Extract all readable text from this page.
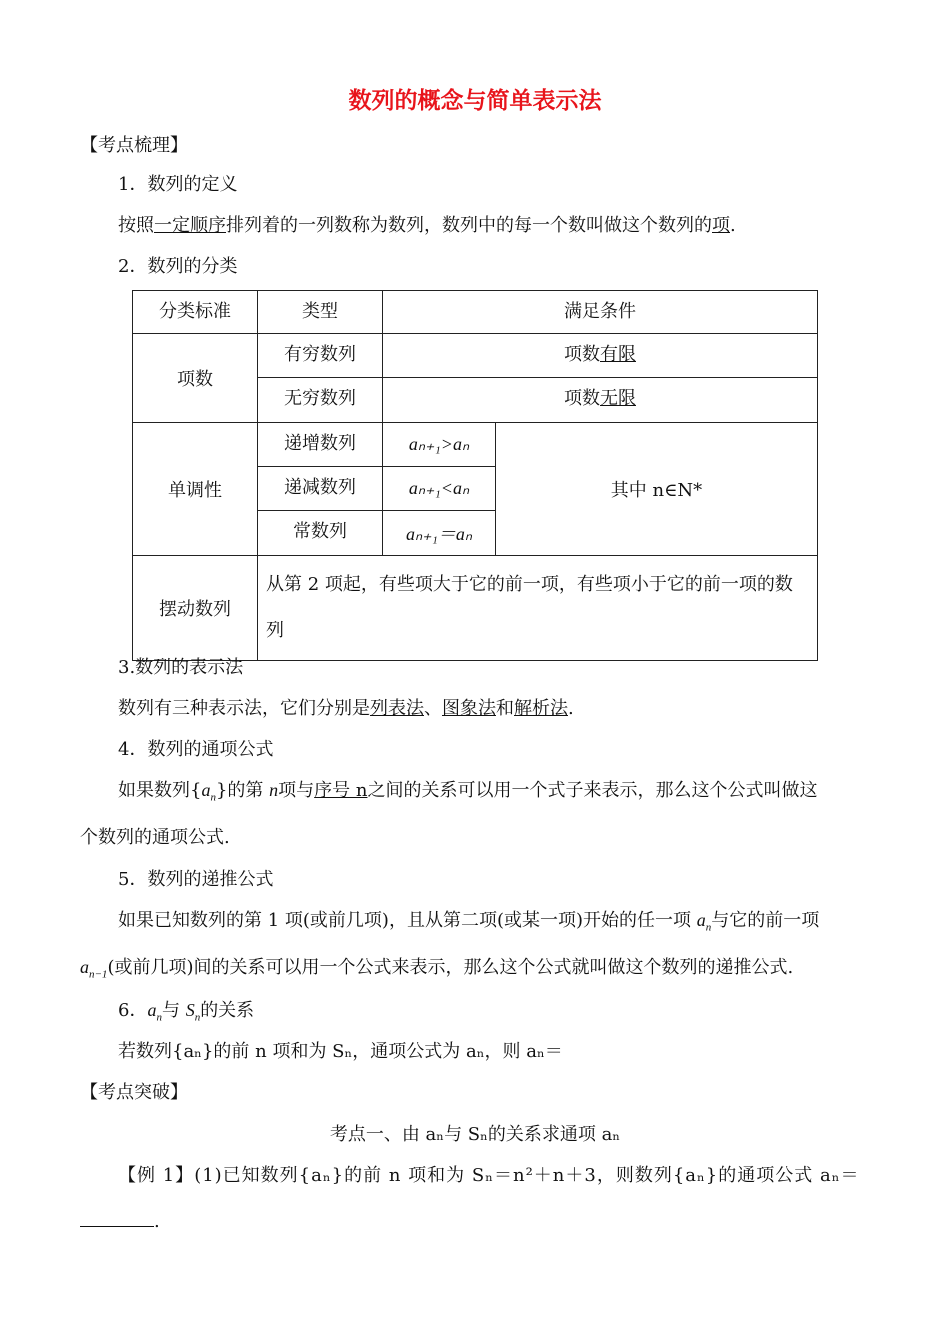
数列的概念与简单表示法
【考点梳理】
1．数列的定义
按照一定顺序排列着的一列数称为数列，数列中的每一个数叫做这个数列的项.
2．数列的分类
分类标准	类型	满足条件	
项数	有穷数列	项数有限	
	无穷数列	项数无限	
单调性	递增数列	aₙ₊₁>aₙ	其中 n∈N*
	递减数列	aₙ₊₁<aₙ	
	常数列	aₙ₊₁＝aₙ	
摆动数列	从第 2 项起，有些项大于它的前一项，有些项小于它的前一项的数列		
3.数列的表示法
数列有三种表示法，它们分别是列表法、图象法和解析法.
4．数列的通项公式
如果数列$\{a_n\}$的第 n项与序号 n之间的关系可以用一个式子来表示，那么这个公式叫做这
个数列的通项公式.
5．数列的递推公式
如果已知数列的第 1 项(或前几项)，且从第二项(或某一项)开始的任一项 $a_n$与它的前一项
$a_{n-1}$(或前几项)间的关系可以用一个公式来表示，那么这个公式就叫做这个数列的递推公式.
6．$a_n$与 $S_n$的关系
若数列{aₙ}的前 n 项和为 Sₙ，通项公式为 aₙ，则 aₙ＝
【考点突破】
考点一、由 aₙ与 Sₙ的关系求通项 aₙ
【例 1】(1)已知数列{aₙ}的前 n 项和为 Sₙ＝n²＋n＋3，则数列{aₙ}的通项公式 aₙ＝
.
